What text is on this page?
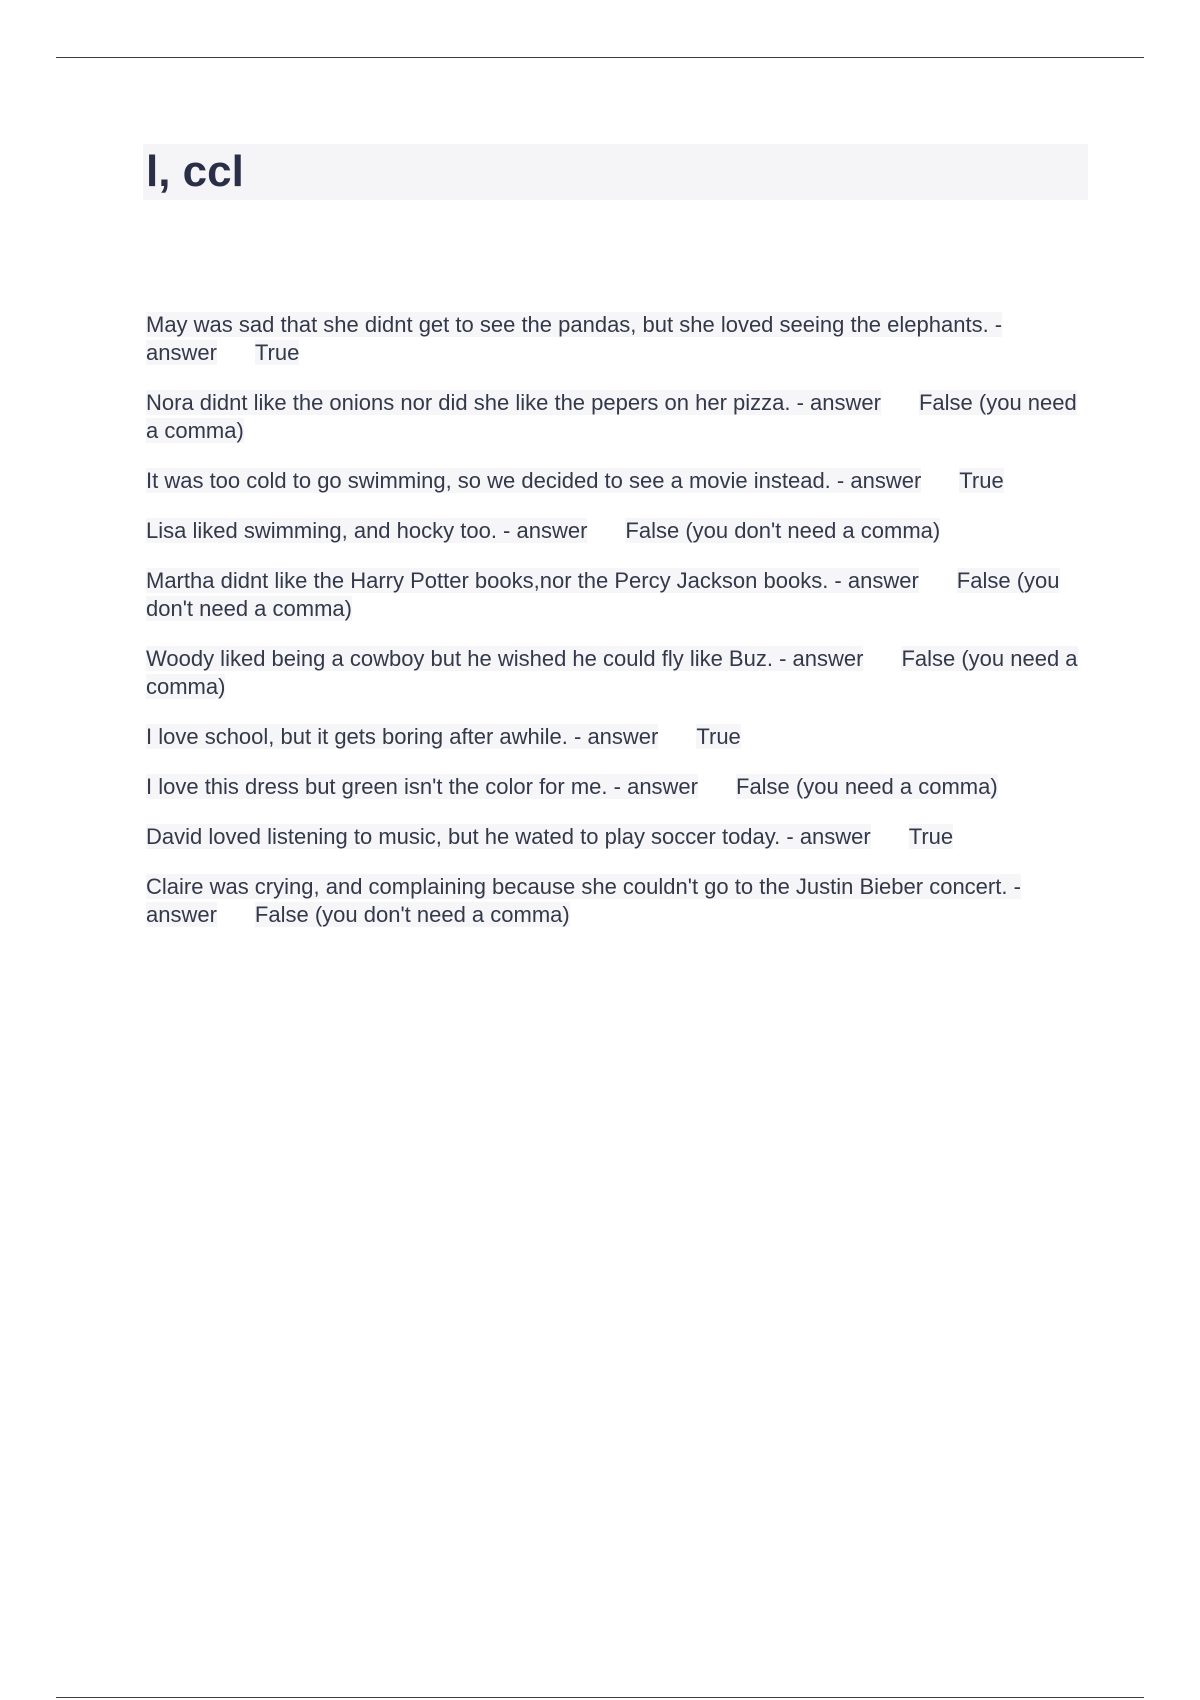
l, ccl
May was sad that she didnt get to see the pandas, but she loved seeing the elephants. - answer True
Nora didnt like the onions nor did she like the pepers on her pizza. - answer False (you need a comma)
It was too cold to go swimming, so we decided to see a movie instead. - answer True
Lisa liked swimming, and hocky too. - answer False (you don't need a comma)
Martha didnt like the Harry Potter books,nor the Percy Jackson books. - answer False (you don't need a comma)
Woody liked being a cowboy but he wished he could fly like Buz. - answer False (you need a comma)
I love school, but it gets boring after awhile. - answer True
I love this dress but green isn't the color for me. - answer False (you need a comma)
David loved listening to music, but he wated to play soccer today. - answer True
Claire was crying, and complaining because she couldn't go to the Justin Bieber concert. - answer False (you don't need a comma)
